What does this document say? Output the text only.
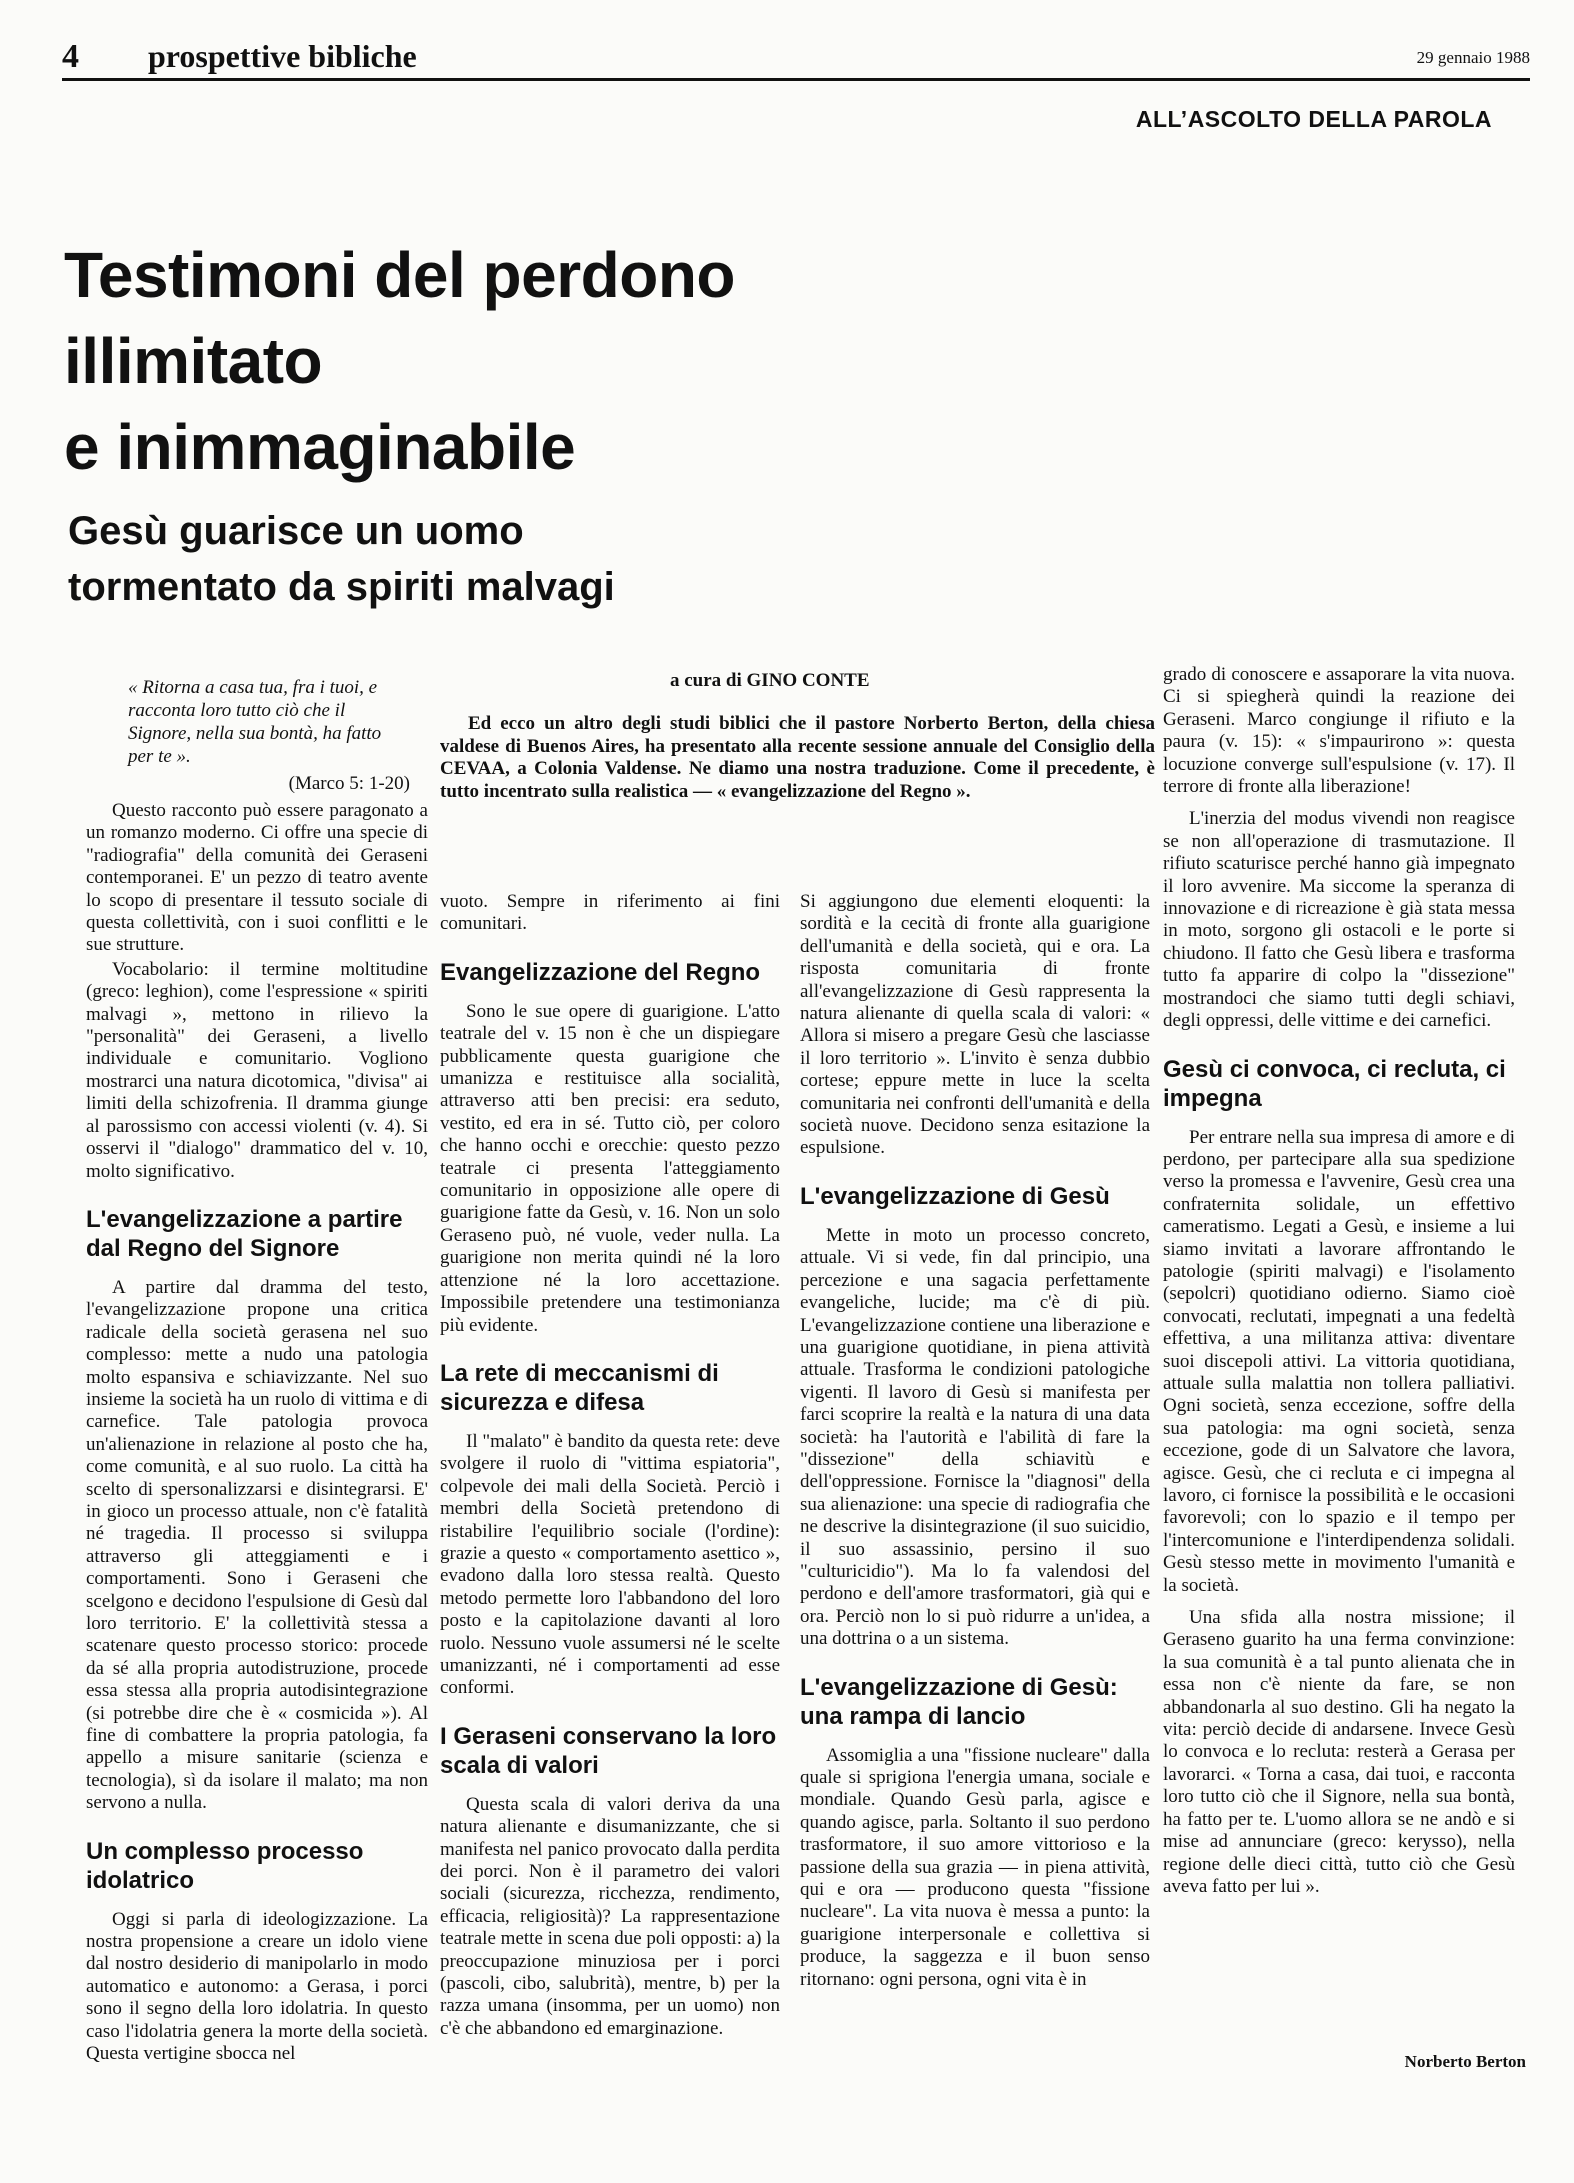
4 prospettive bibliche	29 gennaio 1988
ALL’ASCOLTO DELLA PAROLA
Testimoni del perdono
illimitato
e inimmaginabile
Gesù guarisce un uomo
tormentato da spiriti malvagi

« Ritorna a casa tua, fra i tuoi, e racconta loro tutto ciò che il Signore, nella sua bontà, ha fatto per te ».

(Marco 5: 1-20)

a cura di GINO CONTE

Ed ecco un altro degli studi biblici che il pastore Norberto Berton, della chiesa valdese di Buenos Aires, ha presentato alla recente sessione annuale del Consiglio della CEVAA, a Colonia Valdense. Ne diamo una nostra traduzione. Come il precedente, è tutto incentrato sulla realistica — « evangelizzazione del Regno ».

Questo racconto può essere paragonato a un romanzo moderno. Ci offre una specie di "radiografia" della comunità dei Geraseni contemporanei. E' un pezzo di teatro avente lo scopo di presentare il tessuto sociale di questa collettività, con i suoi conflitti e le sue strutture.

Vocabolario: il termine moltitudine (greco: leghion), come l'espressione « spiriti malvagi », mettono in rilievo la "personalità" dei Geraseni, a livello individuale e comunitario. Vogliono mostrarci una natura dicotomica, "divisa" ai limiti della schizofrenia. Il dramma giunge al parossismo con accessi violenti (v. 4). Si osservi il "dialogo" drammatico del v. 10, molto significativo.

L'evangelizzazione a partire dal Regno del Signore

A partire dal dramma del testo, l'evangelizzazione propone una critica radicale della società gerasena nel suo complesso: mette a nudo una patologia molto espansiva e schiavizzante. Nel suo insieme la società ha un ruolo di vittima e di carnefice. Tale patologia provoca un'alienazione in relazione al posto che ha, come comunità, e al suo ruolo. La città ha scelto di spersonalizzarsi e disintegrarsi. E' in gioco un processo attuale, non c'è fatalità né tragedia. Il processo si sviluppa attraverso gli atteggiamenti e i comportamenti. Sono i Geraseni che scelgono e decidono l'espulsione di Gesù dal loro territorio. E' la collettività stessa a scatenare questo processo storico: procede da sé alla propria autodistruzione, procede essa stessa alla propria autodisintegrazione (si potrebbe dire che è « cosmicida »). Al fine di combattere la propria patologia, fa appello a misure sanitarie (scienza e tecnologia), sì da isolare il malato; ma non servono a nulla.

Un complesso processo idolatrico

Oggi si parla di ideologizzazione. La nostra propensione a creare un idolo viene dal nostro desiderio di manipolarlo in modo automatico e autonomo: a Gerasa, i porci sono il segno della loro idolatria. In questo caso l'idolatria genera la morte della società. Questa vertigine sbocca nel

vuoto. Sempre in riferimento ai fini comunitari.

Evangelizzazione del Regno

Sono le sue opere di guarigione. L'atto teatrale del v. 15 non è che un dispiegare pubblicamente questa guarigione che umanizza e restituisce alla socialità, attraverso atti ben precisi: era seduto, vestito, ed era in sé. Tutto ciò, per coloro che hanno occhi e orecchie: questo pezzo teatrale ci presenta l'atteggiamento comunitario in opposizione alle opere di guarigione fatte da Gesù, v. 16. Non un solo Geraseno può, né vuole, veder nulla. La guarigione non merita quindi né la loro attenzione né la loro accettazione. Impossibile pretendere una testimonianza più evidente.

La rete di meccanismi di sicurezza e difesa

Il "malato" è bandito da questa rete: deve svolgere il ruolo di "vittima espiatoria", colpevole dei mali della Società. Perciò i membri della Società pretendono di ristabilire l'equilibrio sociale (l'ordine): grazie a questo « comportamento asettico », evadono dalla loro stessa realtà. Questo metodo permette loro l'abbandono del loro posto e la capitolazione davanti al loro ruolo. Nessuno vuole assumersi né le scelte umanizzanti, né i comportamenti ad esse conformi.

I Geraseni conservano la loro scala di valori

Questa scala di valori deriva da una natura alienante e disumanizzante, che si manifesta nel panico provocato dalla perdita dei porci. Non è il parametro dei valori sociali (sicurezza, ricchezza, rendimento, efficacia, religiosità)? La rappresentazione teatrale mette in scena due poli opposti: a) la preoccupazione minuziosa per i porci (pascoli, cibo, salubrità), mentre, b) per la razza umana (insomma, per un uomo) non c'è che abbandono ed emarginazione.

Si aggiungono due elementi eloquenti: la sordità e la cecità di fronte alla guarigione dell'umanità e della società, qui e ora. La risposta comunitaria di fronte all'evangelizzazione di Gesù rappresenta la natura alienante di quella scala di valori: « Allora si misero a pregare Gesù che lasciasse il loro territorio ». L'invito è senza dubbio cortese; eppure mette in luce la scelta comunitaria nei confronti dell'umanità e della società nuove. Decidono senza esitazione la espulsione.

L'evangelizzazione di Gesù

Mette in moto un processo concreto, attuale. Vi si vede, fin dal principio, una percezione e una sagacia perfettamente evangeliche, lucide; ma c'è di più. L'evangelizzazione contiene una liberazione e una guarigione quotidiane, in piena attività attuale. Trasforma le condizioni patologiche vigenti. Il lavoro di Gesù si manifesta per farci scoprire la realtà e la natura di una data società: ha l'autorità e l'abilità di fare la "dissezione" della schiavitù e dell'oppressione. Fornisce la "diagnosi" della sua alienazione: una specie di radiografia che ne descrive la disintegrazione (il suo suicidio, il suo assassinio, persino il suo "culturicidio"). Ma lo fa valendosi del perdono e dell'amore trasformatori, già qui e ora. Perciò non lo si può ridurre a un'idea, a una dottrina o a un sistema.

L'evangelizzazione di Gesù: una rampa di lancio

Assomiglia a una "fissione nucleare" dalla quale si sprigiona l'energia umana, sociale e mondiale. Quando Gesù parla, agisce e quando agisce, parla. Soltanto il suo perdono trasformatore, il suo amore vittorioso e la passione della sua grazia — in piena attività, qui e ora — producono questa "fissione nucleare". La vita nuova è messa a punto: la guarigione interpersonale e collettiva si produce, la saggezza e il buon senso ritornano: ogni persona, ogni vita è in

grado di conoscere e assaporare la vita nuova. Ci si spiegherà quindi la reazione dei Geraseni. Marco congiunge il rifiuto e la paura (v. 15): « s'impaurirono »: questa locuzione converge sull'espulsione (v. 17). Il terrore di fronte alla liberazione!

L'inerzia del modus vivendi non reagisce se non all'operazione di trasmutazione. Il rifiuto scaturisce perché hanno già impegnato il loro avvenire. Ma siccome la speranza di innovazione e di ricreazione è già stata messa in moto, sorgono gli ostacoli e le porte si chiudono. Il fatto che Gesù libera e trasforma tutto fa apparire di colpo la "dissezione" mostrandoci che siamo tutti degli schiavi, degli oppressi, delle vittime e dei carnefici.

Gesù ci convoca, ci recluta, ci impegna

Per entrare nella sua impresa di amore e di perdono, per partecipare alla sua spedizione verso la promessa e l'avvenire, Gesù crea una confraternita solidale, un effettivo cameratismo. Legati a Gesù, e insieme a lui siamo invitati a lavorare affrontando le patologie (spiriti malvagi) e l'isolamento (sepolcri) quotidiano odierno. Siamo cioè convocati, reclutati, impegnati a una fedeltà effettiva, a una militanza attiva: diventare suoi discepoli attivi. La vittoria quotidiana, attuale sulla malattia non tollera palliativi. Ogni società, senza eccezione, soffre della sua patologia: ma ogni società, senza eccezione, gode di un Salvatore che lavora, agisce. Gesù, che ci recluta e ci impegna al lavoro, ci fornisce la possibilità e le occasioni favorevoli; con lo spazio e il tempo per l'intercomunione e l'interdipendenza solidali. Gesù stesso mette in movimento l'umanità e la società.

Una sfida alla nostra missione; il Geraseno guarito ha una ferma convinzione: la sua comunità è a tal punto alienata che in essa non c'è niente da fare, se non abbandonarla al suo destino. Gli ha negato la vita: perciò decide di andarsene. Invece Gesù lo convoca e lo recluta: resterà a Gerasa per lavorarci. « Torna a casa, dai tuoi, e racconta loro tutto ciò che il Signore, nella sua bontà, ha fatto per te. L'uomo allora se ne andò e si mise ad annunciare (greco: keryssо), nella regione delle dieci città, tutto ciò che Gesù aveva fatto per lui ».

Norberto Berton
